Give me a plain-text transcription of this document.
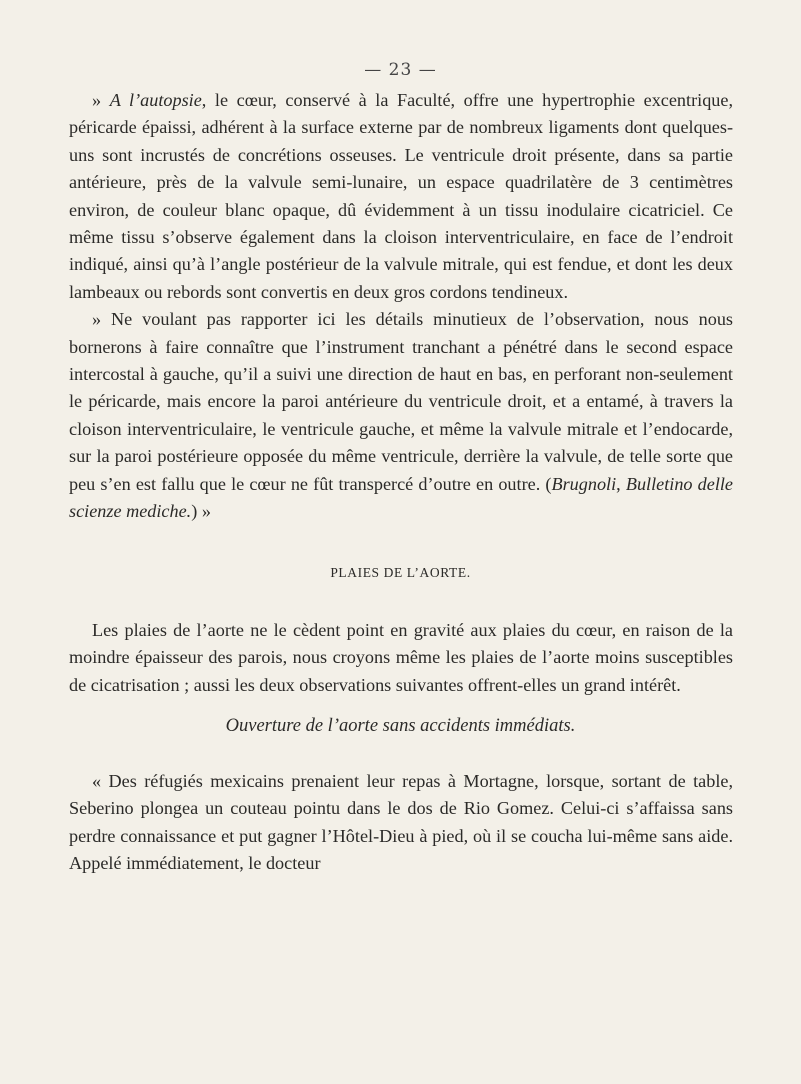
— 23 —

» A l’autopsie, le cœur, conservé à la Faculté, offre une hypertrophie excentrique, péricarde épaissi, adhérent à la surface externe par de nombreux ligaments dont quelques-uns sont incrustés de concrétions osseuses. Le ventricule droit présente, dans sa partie antérieure, près de la valvule semi-lunaire, un espace quadrilatère de 3 centimètres environ, de couleur blanc opaque, dû évidemment à un tissu inodulaire cicatriciel. Ce même tissu s’observe également dans la cloison interventriculaire, en face de l’endroit indiqué, ainsi qu’à l’angle postérieur de la valvule mitrale, qui est fendue, et dont les deux lambeaux ou rebords sont convertis en deux gros cordons tendineux.

» Ne voulant pas rapporter ici les détails minutieux de l’observation, nous nous bornerons à faire connaître que l’instrument tranchant a pénétré dans le second espace intercostal à gauche, qu’il a suivi une direction de haut en bas, en perforant non-seulement le péricarde, mais encore la paroi antérieure du ventricule droit, et a entamé, à travers la cloison interventriculaire, le ventricule gauche, et même la valvule mitrale et l’endocarde, sur la paroi postérieure opposée du même ventricule, derrière la valvule, de telle sorte que peu s’en est fallu que le cœur ne fût transpercé d’outre en outre. (Brugnoli, Bulletino delle scienze mediche.) »

PLAIES DE L’AORTE.

Les plaies de l’aorte ne le cèdent point en gravité aux plaies du cœur, en raison de la moindre épaisseur des parois, nous croyons même les plaies de l’aorte moins susceptibles de cicatrisation ; aussi les deux observations suivantes offrent-elles un grand intérêt.

Ouverture de l’aorte sans accidents immédiats.

« Des réfugiés mexicains prenaient leur repas à Mortagne, lorsque, sortant de table, Seberino plongea un couteau pointu dans le dos de Rio Gomez. Celui-ci s’affaissa sans perdre connaissance et put gagner l’Hôtel-Dieu à pied, où il se coucha lui-même sans aide. Appelé immédiatement, le docteur
